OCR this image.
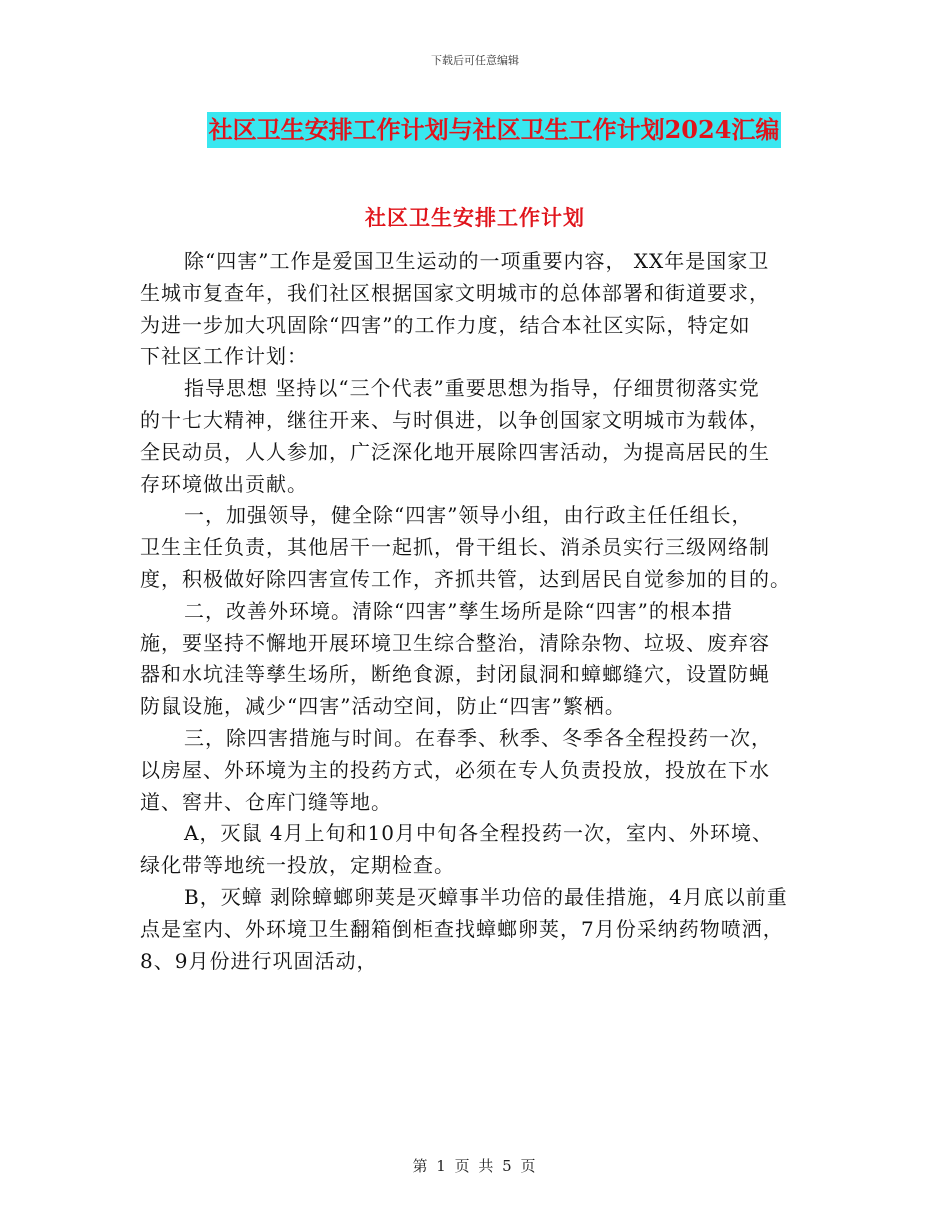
下载后可任意编辑
社区卫生安排工作计划与社区卫生工作计划2024汇编
社区卫生安排工作计划
除“四害”工作是爱国卫生运动的一项重要内容， XX年是国家卫
生城市复查年，我们社区根据国家文明城市的总体部署和街道要求，
为进一步加大巩固除“四害”的工作力度，结合本社区实际，特定如
下社区工作计划：
指导思想 坚持以“三个代表”重要思想为指导，仔细贯彻落实党
的十七大精神，继往开来、与时俱进，以争创国家文明城市为载体，
全民动员，人人参加，广泛深化地开展除四害活动，为提高居民的生
存环境做出贡献。
一，加强领导，健全除“四害”领导小组，由行政主任任组长，
卫生主任负责，其他居干一起抓，骨干组长、消杀员实行三级网络制
度，积极做好除四害宣传工作，齐抓共管，达到居民自觉参加的目的。
二，改善外环境。清除“四害”孳生场所是除“四害”的根本措
施，要坚持不懈地开展环境卫生综合整治，清除杂物、垃圾、废弃容
器和水坑洼等孳生场所，断绝食源，封闭鼠洞和蟑螂缝穴，设置防蝇
防鼠设施，减少“四害”活动空间，防止“四害”繁栖。
三，除四害措施与时间。在春季、秋季、冬季各全程投药一次，
以房屋、外环境为主的投药方式，必须在专人负责投放，投放在下水
道、窖井、仓库门缝等地。
A，灭鼠 4月上旬和10月中旬各全程投药一次，室内、外环境、
绿化带等地统一投放，定期检查。
B，灭蟑 剥除蟑螂卵荚是灭蟑事半功倍的最佳措施，4月底以前重
点是室内、外环境卫生翻箱倒柜查找蟑螂卵荚，7月份采纳药物喷洒，
8、9月份进行巩固活动，
第 1 页 共 5 页
